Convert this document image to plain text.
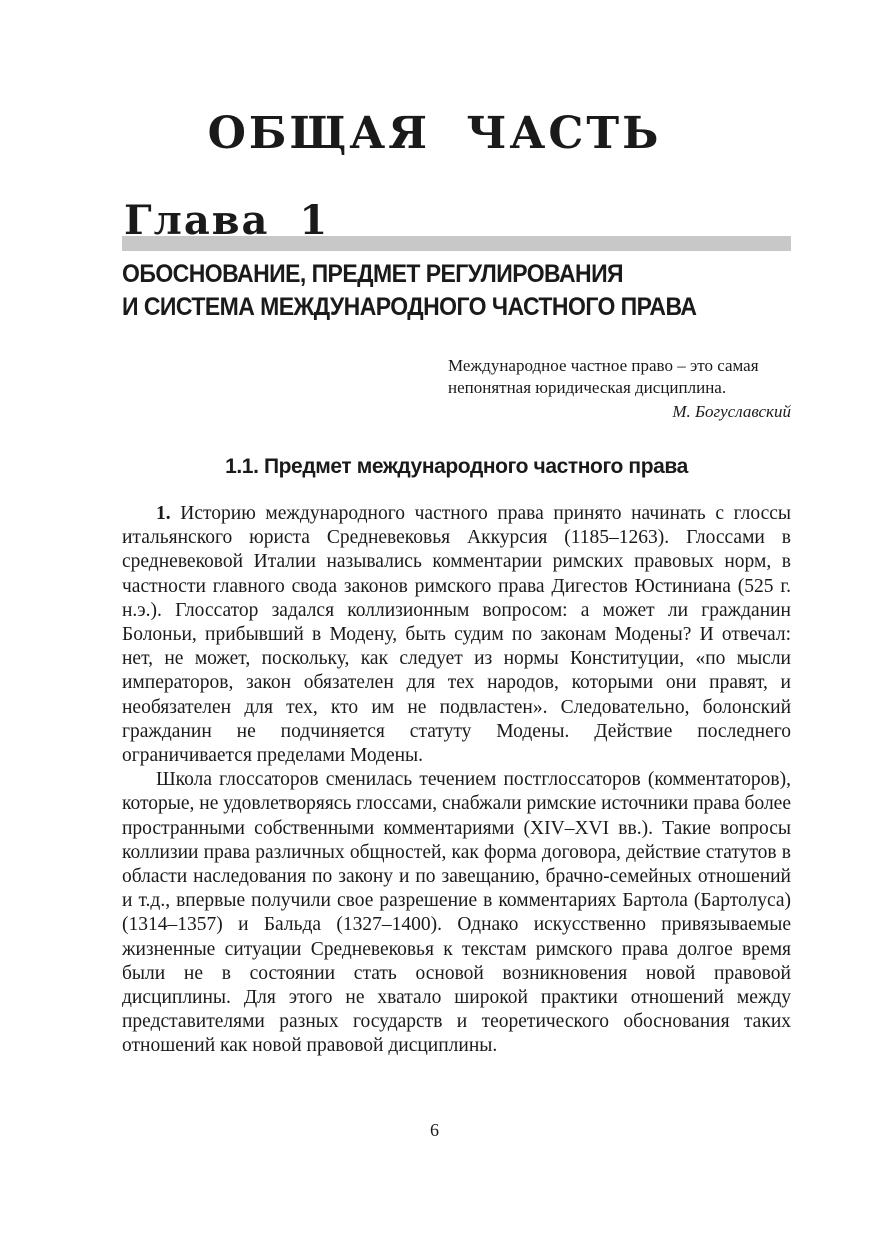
ОБЩАЯ ЧАСТЬ
Глава 1
ОБОСНОВАНИЕ, ПРЕДМЕТ РЕГУЛИРОВАНИЯ
И СИСТЕМА МЕЖДУНАРОДНОГО ЧАСТНОГО ПРАВА
Международное частное право – это самая непонятная юридическая дисциплина.
М. Богуславский
1.1. Предмет международного частного права

1. Историю международного частного права принято начинать с глоссы итальянского юриста Средневековья Аккурсия (1185–1263). Глоссами в средневековой Италии назывались комментарии римских правовых норм, в частности главного свода законов римского права Дигестов Юстиниана (525 г. н.э.). Глоссатор задался коллизионным вопросом: а может ли гражданин Болоньи, прибывший в Модену, быть судим по законам Модены? И отвечал: нет, не может, поскольку, как следует из нормы Конституции, «по мысли императоров, закон обязателен для тех народов, которыми они правят, и необязателен для тех, кто им не подвластен». Следовательно, болонский гражданин не подчиняется статуту Модены. Действие последнего ограничивается пределами Модены.

Школа глоссаторов сменилась течением постглоссаторов (комментаторов), которые, не удовлетворяясь глоссами, снабжали римские источники права более пространными собственными комментариями (XIV–XVI вв.). Такие вопросы коллизии права различных общностей, как форма договора, действие статутов в области наследования по закону и по завещанию, брачно-семейных отношений и т.д., впервые получили свое разрешение в комментариях Бартола (Бартолуса) (1314–1357) и Бальда (1327–1400). Однако искусственно привязываемые жизненные ситуации Средневековья к текстам римского права долгое время были не в состоянии стать основой возникновения новой правовой дисциплины. Для этого не хватало широкой практики отношений между представителями разных государств и теоретического обоснования таких отношений как новой правовой дисциплины.

6
